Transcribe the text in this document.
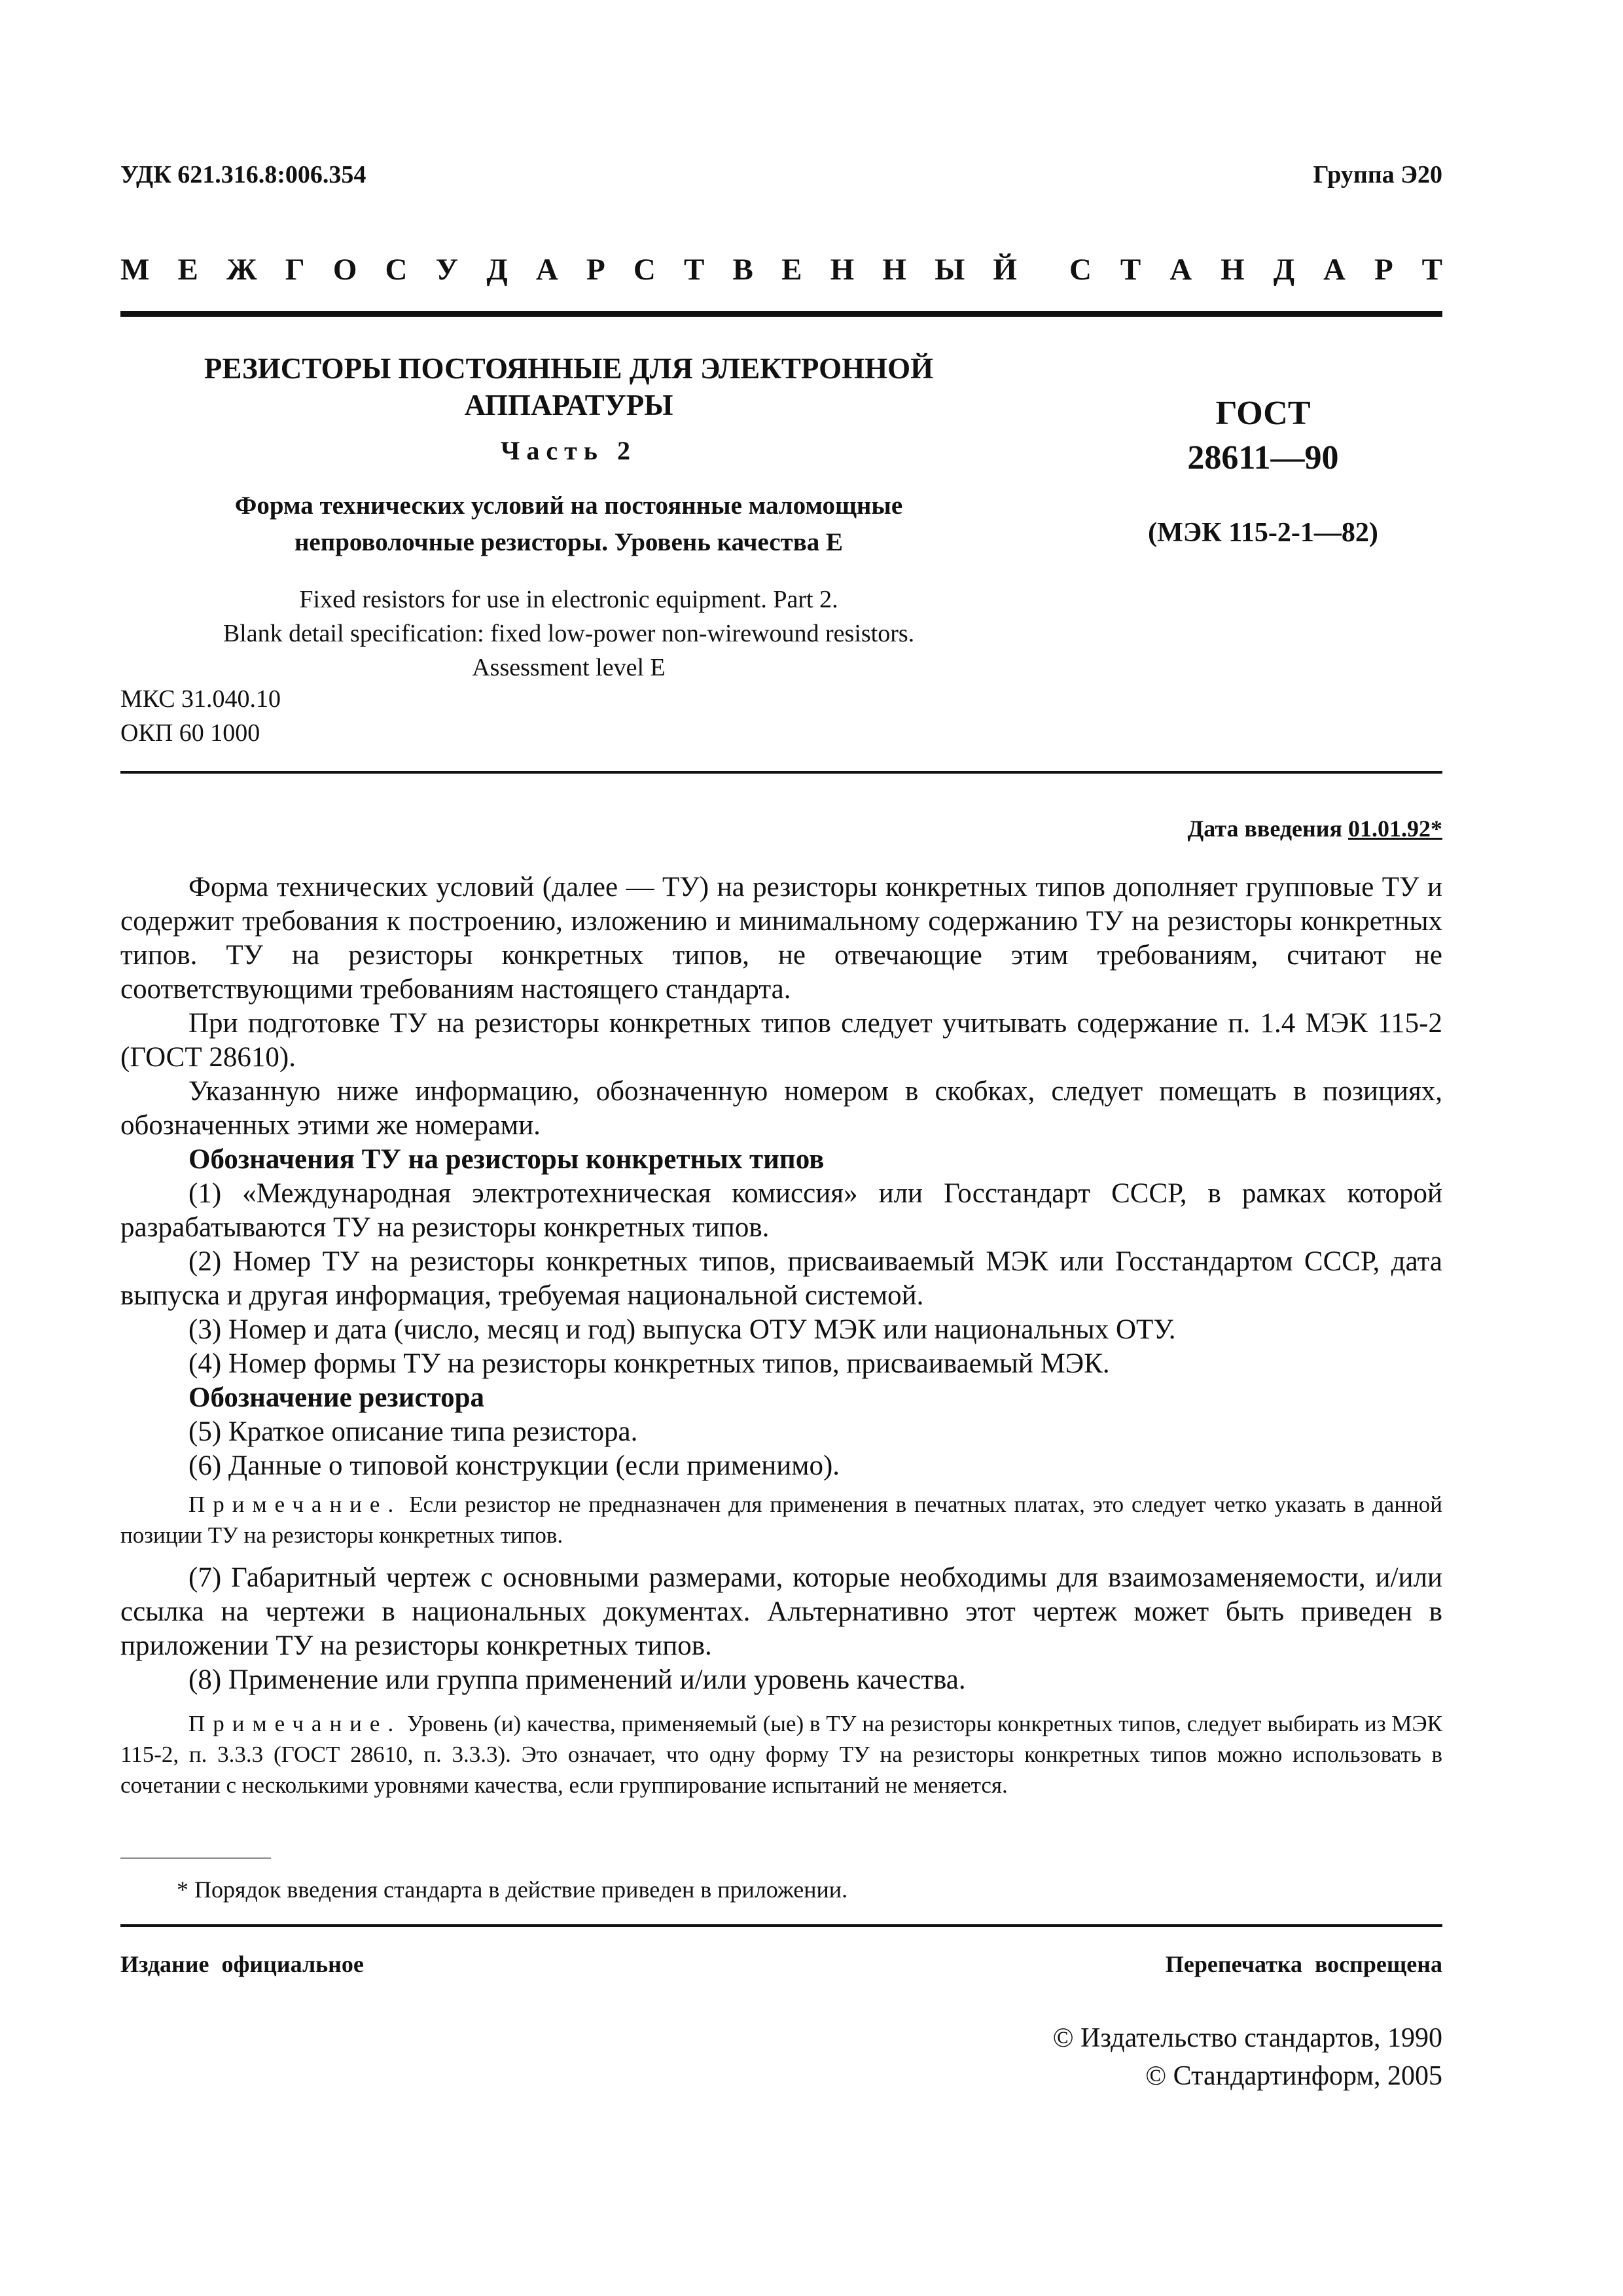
УДК 621.316.8:006.354	Группа Э20
М Е Ж Г О С У Д А Р С Т В Е Н Н Ы Й С Т А Н Д А Р Т
РЕЗИСТОРЫ ПОСТОЯННЫЕ ДЛЯ ЭЛЕКТРОННОЙ
АППАРАТУРЫ
Часть 2
Форма технических условий на постоянные маломощные
непроволочные резисторы. Уровень качества Е
Fixed resistors for use in electronic equipment. Part 2.
Blank detail specification: fixed low-power non-wirewound resistors.
Assessment level E
ГОСТ
28611—90
(МЭК 115-2-1—82)
МКС 31.040.10
ОКП 60 1000
Дата введения 01.01.92*

Форма технических условий (далее — ТУ) на резисторы конкретных типов дополняет групповые ТУ и содержит требования к построению, изложению и минимальному содержанию ТУ на резисторы конкретных типов. ТУ на резисторы конкретных типов, не отвечающие этим требованиям, считают не соответствующими требованиям настоящего стандарта.

При подготовке ТУ на резисторы конкретных типов следует учитывать содержание п. 1.4 МЭК 115-2 (ГОСТ 28610).

Указанную ниже информацию, обозначенную номером в скобках, следует помещать в позициях, обозначенных этими же номерами.

Обозначения ТУ на резисторы конкретных типов

(1) «Международная электротехническая комиссия» или Госстандарт СССР, в рамках которой разрабатываются ТУ на резисторы конкретных типов.

(2) Номер ТУ на резисторы конкретных типов, присваиваемый МЭК или Госстандартом СССР, дата выпуска и другая информация, требуемая национальной системой.

(3) Номер и дата (число, месяц и год) выпуска ОТУ МЭК или национальных ОТУ.

(4) Номер формы ТУ на резисторы конкретных типов, присваиваемый МЭК.

Обозначение резистора

(5) Краткое описание типа резистора.

(6) Данные о типовой конструкции (если применимо).

Примечание. Если резистор не предназначен для применения в печатных платах, это следует четко указать в данной позиции ТУ на резисторы конкретных типов.

(7) Габаритный чертеж с основными размерами, которые необходимы для взаимозаменяемости, и/или ссылка на чертежи в национальных документах. Альтернативно этот чертеж может быть приведен в приложении ТУ на резисторы конкретных типов.

(8) Применение или группа применений и/или уровень качества.

Примечание. Уровень (и) качества, применяемый (ые) в ТУ на резисторы конкретных типов, следует выбирать из МЭК 115-2, п. 3.3.3 (ГОСТ 28610, п. 3.3.3). Это означает, что одну форму ТУ на резисторы конкретных типов можно использовать в сочетании с несколькими уровнями качества, если группирование испытаний не меняется.

* Порядок введения стандарта в действие приведен в приложении.
Издание официальное	Перепечатка воспрещена
© Издательство стандартов, 1990
© Стандартинформ, 2005
